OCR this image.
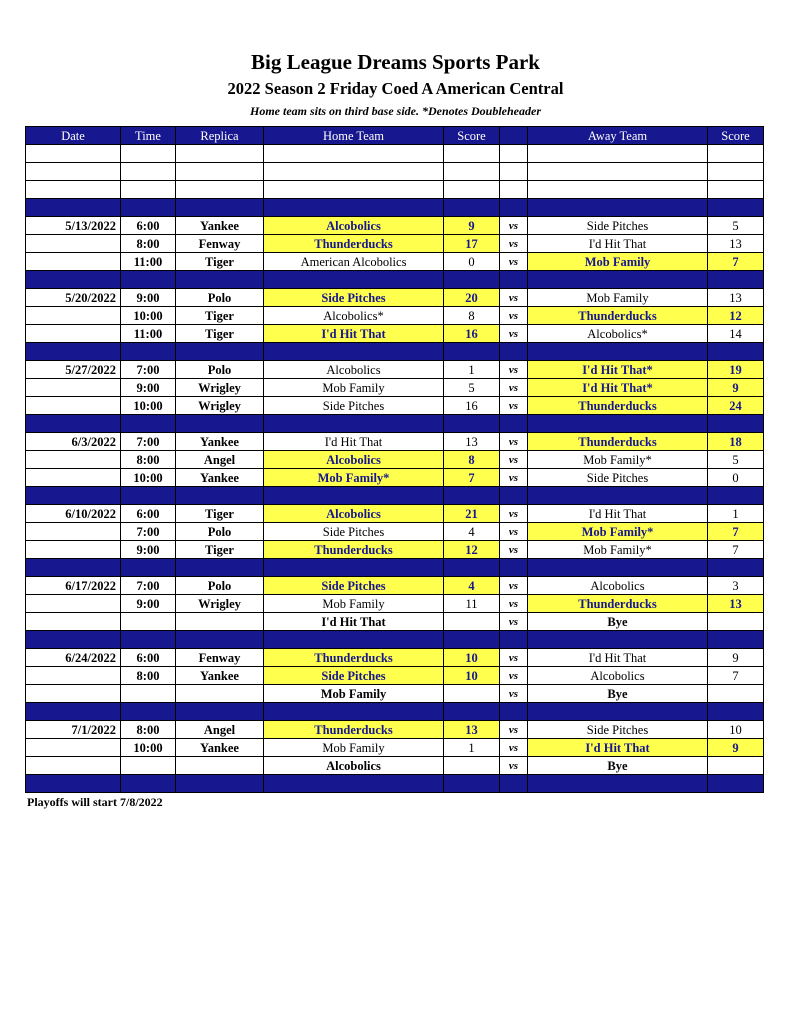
Big League Dreams Sports Park
2022 Season 2 Friday Coed A American Central
Home team sits on third base side. *Denotes Doubleheader
Date	Time	Replica	Home Team	Score		Away Team	Score

5/13/2022	6:00	Yankee	Alcobolics	9	vs	Side Pitches	5
	8:00	Fenway	Thunderducks	17	vs	I'd Hit That	13
	11:00	Tiger	American Alcobolics	0	vs	Mob Family	7

5/20/2022	9:00	Polo	Side Pitches	20	vs	Mob Family	13
	10:00	Tiger	Alcobolics*	8	vs	Thunderducks	12
	11:00	Tiger	I'd Hit That	16	vs	Alcobolics*	14

5/27/2022	7:00	Polo	Alcobolics	1	vs	I'd Hit That*	19
	9:00	Wrigley	Mob Family	5	vs	I'd Hit That*	9
	10:00	Wrigley	Side Pitches	16	vs	Thunderducks	24

6/3/2022	7:00	Yankee	I'd Hit That	13	vs	Thunderducks	18
	8:00	Angel	Alcobolics	8	vs	Mob Family*	5
	10:00	Yankee	Mob Family*	7	vs	Side Pitches	0

6/10/2022	6:00	Tiger	Alcobolics	21	vs	I'd Hit That	1
	7:00	Polo	Side Pitches	4	vs	Mob Family*	7
	9:00	Tiger	Thunderducks	12	vs	Mob Family*	7

6/17/2022	7:00	Polo	Side Pitches	4	vs	Alcobolics	3
	9:00	Wrigley	Mob Family	11	vs	Thunderducks	13
			I'd Hit That		vs	Bye	

6/24/2022	6:00	Fenway	Thunderducks	10	vs	I'd Hit That	9
	8:00	Yankee	Side Pitches	10	vs	Alcobolics	7
			Mob Family		vs	Bye	

7/1/2022	8:00	Angel	Thunderducks	13	vs	Side Pitches	10
	10:00	Yankee	Mob Family	1	vs	I'd Hit That	9
			Alcobolics		vs	Bye	

Playoffs will start 7/8/2022
